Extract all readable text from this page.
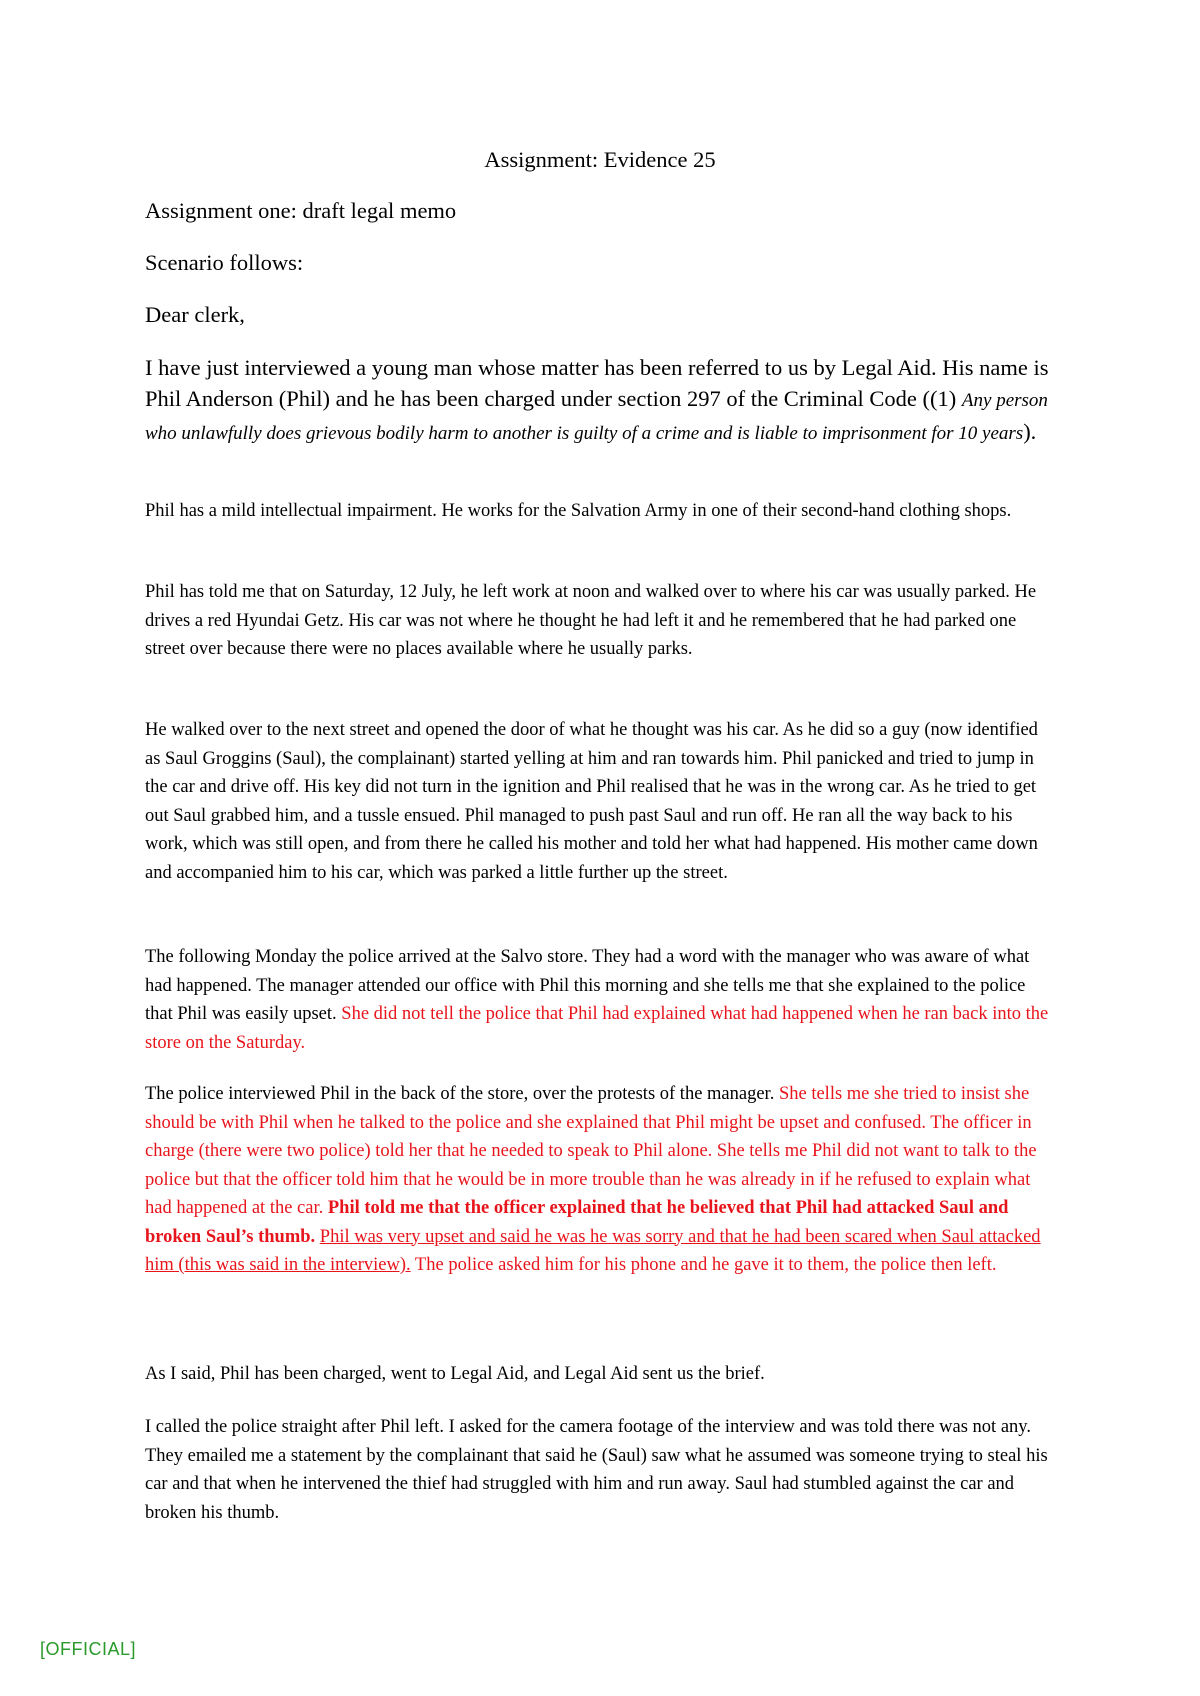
Assignment: Evidence 25

Assignment one: draft legal memo

Scenario follows:

Dear clerk,

I have just interviewed a young man whose matter has been referred to us by Legal Aid. His name is Phil Anderson (Phil) and he has been charged under section 297 of the Criminal Code ((1) Any person who unlawfully does grievous bodily harm to another is guilty of a crime and is liable to imprisonment for 10 years).

Phil has a mild intellectual impairment. He works for the Salvation Army in one of their second-hand clothing shops.

Phil has told me that on Saturday, 12 July, he left work at noon and walked over to where his car was usually parked. He drives a red Hyundai Getz. His car was not where he thought he had left it and he remembered that he had parked one street over because there were no places available where he usually parks.

He walked over to the next street and opened the door of what he thought was his car. As he did so a guy (now identified as Saul Groggins (Saul), the complainant) started yelling at him and ran towards him. Phil panicked and tried to jump in the car and drive off. His key did not turn in the ignition and Phil realised that he was in the wrong car. As he tried to get out Saul grabbed him, and a tussle ensued. Phil managed to push past Saul and run off. He ran all the way back to his work, which was still open, and from there he called his mother and told her what had happened. His mother came down and accompanied him to his car, which was parked a little further up the street.

The following Monday the police arrived at the Salvo store. They had a word with the manager who was aware of what had happened. The manager attended our office with Phil this morning and she tells me that she explained to the police that Phil was easily upset. She did not tell the police that Phil had explained what had happened when he ran back into the store on the Saturday.

The police interviewed Phil in the back of the store, over the protests of the manager. She tells me she tried to insist she should be with Phil when he talked to the police and she explained that Phil might be upset and confused. The officer in charge (there were two police) told her that he needed to speak to Phil alone. She tells me Phil did not want to talk to the police but that the officer told him that he would be in more trouble than he was already in if he refused to explain what had happened at the car. Phil told me that the officer explained that he believed that Phil had attacked Saul and broken Saul’s thumb. Phil was very upset and said he was he was sorry and that he had been scared when Saul attacked him (this was said in the interview). The police asked him for his phone and he gave it to them, the police then left.

As I said, Phil has been charged, went to Legal Aid, and Legal Aid sent us the brief.

I called the police straight after Phil left. I asked for the camera footage of the interview and was told there was not any. They emailed me a statement by the complainant that said he (Saul) saw what he assumed was someone trying to steal his car and that when he intervened the thief had struggled with him and run away. Saul had stumbled against the car and broken his thumb.

[OFFICIAL]
